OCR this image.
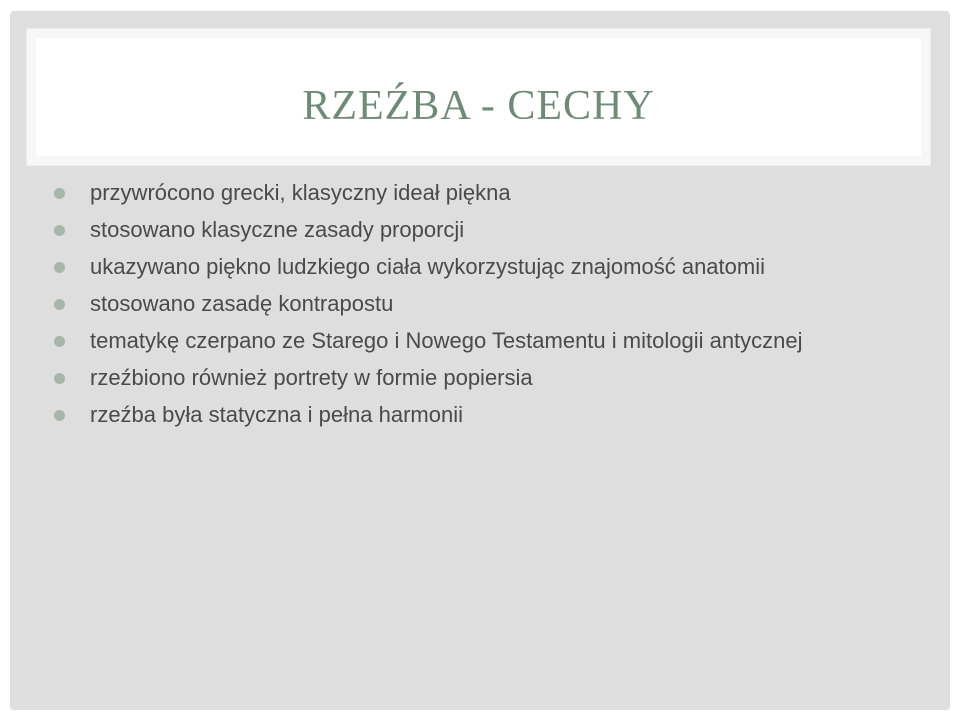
RZEŹBA - CECHY
przywrócono grecki, klasyczny ideał piękna
stosowano klasyczne zasady proporcji
ukazywano piękno ludzkiego ciała wykorzystując znajomość anatomii
stosowano zasadę kontrapostu
tematykę czerpano ze Starego i Nowego Testamentu i mitologii antycznej
rzeźbiono również portrety w formie popiersia
rzeźba była statyczna i pełna harmonii
